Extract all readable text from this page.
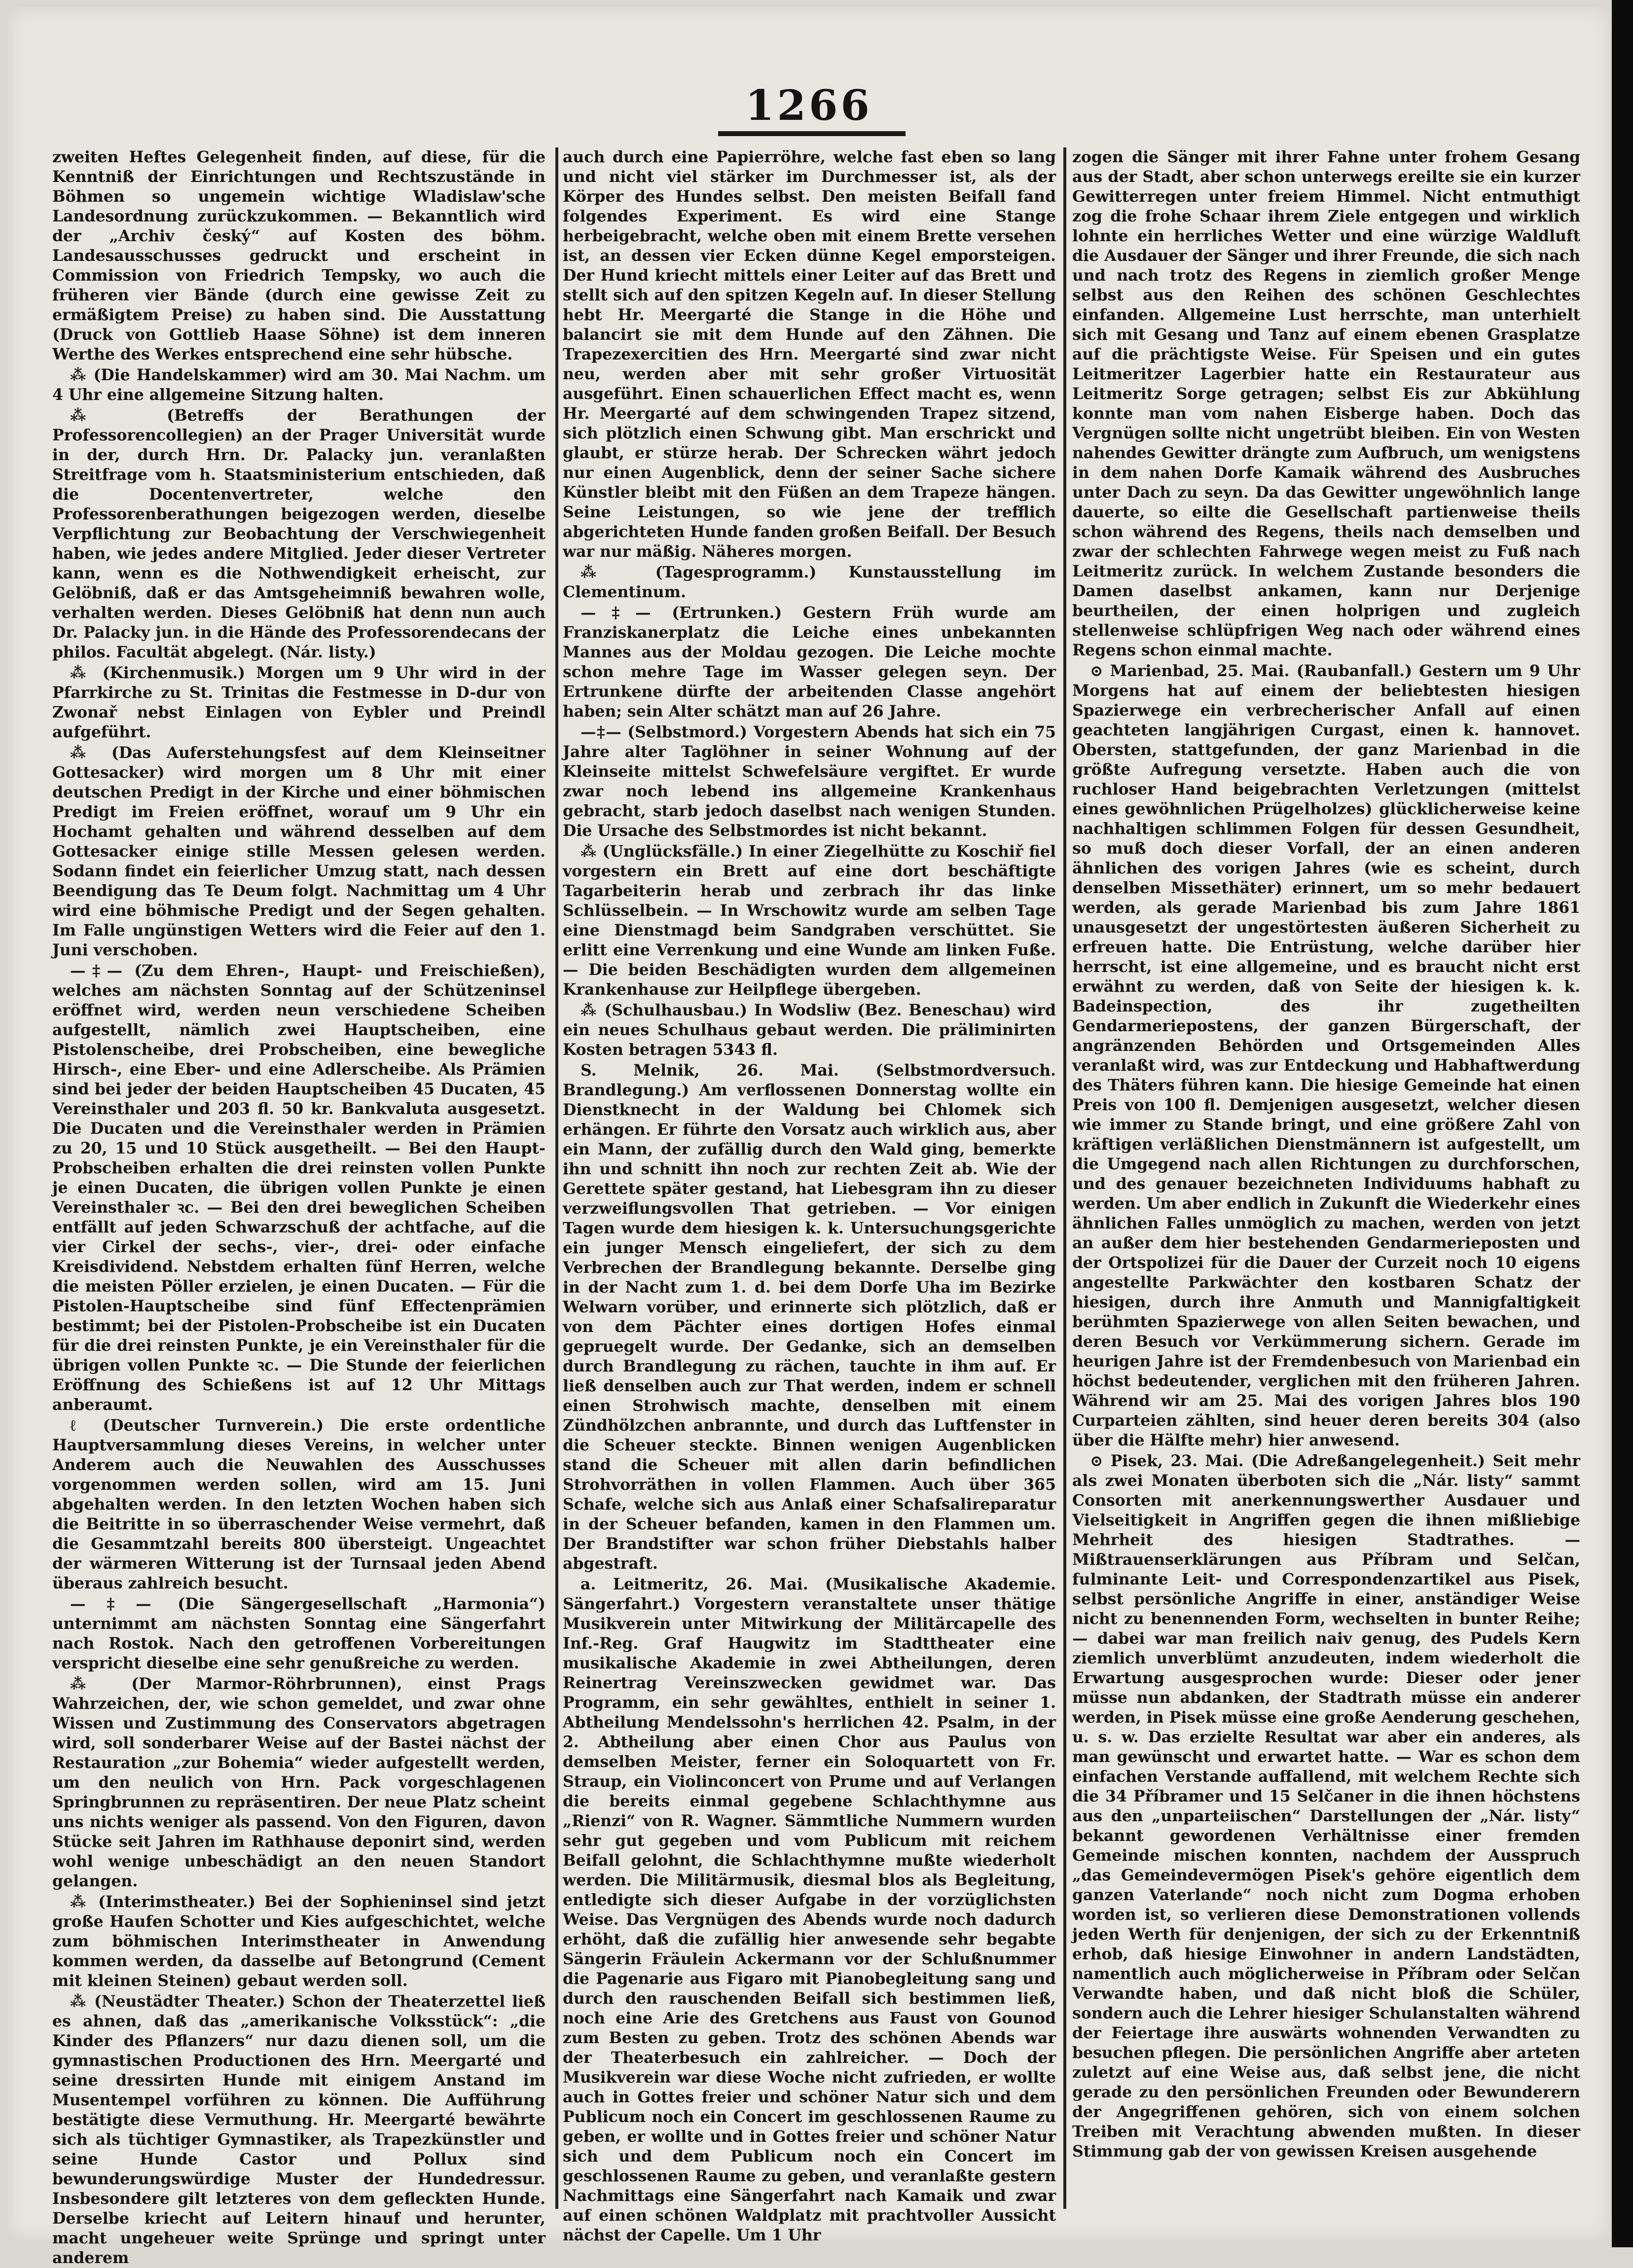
1266

zweiten Heftes Gelegenheit finden, auf diese, für die Kenntniß der Einrichtungen und Rechtszustände in Böhmen so ungemein wichtige Wladislaw'sche Landesordnung zurückzukommen. — Bekanntlich wird der „Archiv český“ auf Kosten des böhm. Landesausschusses gedruckt und erscheint in Commission von Friedrich Tempsky, wo auch die früheren vier Bände (durch eine gewisse Zeit zu ermäßigtem Preise) zu haben sind. Die Ausstattung (Druck von Gottlieb Haase Söhne) ist dem inneren Werthe des Werkes entsprechend eine sehr hübsche.

⁂ (Die Handelskammer) wird am 30. Mai Nachm. um 4 Uhr eine allgemeine Sitzung halten.

⁂ (Betreffs der Berathungen der Professorencollegien) an der Prager Universität wurde in der, durch Hrn. Dr. Palacky jun. veranlaßten Streitfrage vom h. Staatsministerium entschieden, daß die Docentenvertreter, welche den Professorenberathungen beigezogen werden, dieselbe Verpflichtung zur Beobachtung der Verschwiegenheit haben, wie jedes andere Mitglied. Jeder dieser Vertreter kann, wenn es die Nothwendigkeit erheischt, zur Gelöbniß, daß er das Amtsgeheimniß bewahren wolle, verhalten werden. Dieses Gelöbniß hat denn nun auch Dr. Palacky jun. in die Hände des Professorendecans der philos. Facultät abgelegt. (Nár. listy.)

⁂ (Kirchenmusik.) Morgen um 9 Uhr wird in der Pfarrkirche zu St. Trinitas die Festmesse in D-dur von Zwonař nebst Einlagen von Eybler und Preindl aufgeführt.

⁂ (Das Auferstehungsfest auf dem Kleinseitner Gottesacker) wird morgen um 8 Uhr mit einer deutschen Predigt in der Kirche und einer böhmischen Predigt im Freien eröffnet, worauf um 9 Uhr ein Hochamt gehalten und während desselben auf dem Gottesacker einige stille Messen gelesen werden. Sodann findet ein feierlicher Umzug statt, nach dessen Beendigung das Te Deum folgt. Nachmittag um 4 Uhr wird eine böhmische Predigt und der Segen gehalten. Im Falle ungünstigen Wetters wird die Feier auf den 1. Juni verschoben.

—‡— (Zu dem Ehren-, Haupt- und Freischießen), welches am nächsten Sonntag auf der Schützeninsel eröffnet wird, werden neun verschiedene Scheiben aufgestellt, nämlich zwei Hauptscheiben, eine Pistolenscheibe, drei Probscheiben, eine bewegliche Hirsch-, eine Eber- und eine Adlerscheibe. Als Prämien sind bei jeder der beiden Hauptscheiben 45 Ducaten, 45 Vereinsthaler und 203 fl. 50 kr. Bankvaluta ausgesetzt. Die Ducaten und die Vereinsthaler werden in Prämien zu 20, 15 und 10 Stück ausgetheilt. — Bei den Haupt-Probscheiben erhalten die drei reinsten vollen Punkte je einen Ducaten, die übrigen vollen Punkte je einen Vereinsthaler ꝛc. — Bei den drei beweglichen Scheiben entfällt auf jeden Schwarzschuß der achtfache, auf die vier Cirkel der sechs-, vier-, drei- oder einfache Kreisdividend. Nebstdem erhalten fünf Herren, welche die meisten Pöller erzielen, je einen Ducaten. — Für die Pistolen-Hauptscheibe sind fünf Effectenprämien bestimmt; bei der Pistolen-Probscheibe ist ein Ducaten für die drei reinsten Punkte, je ein Vereinsthaler für die übrigen vollen Punkte ꝛc. — Die Stunde der feierlichen Eröffnung des Schießens ist auf 12 Uhr Mittags anberaumt.

ℓ (Deutscher Turnverein.) Die erste ordentliche Hauptversammlung dieses Vereins, in welcher unter Anderem auch die Neuwahlen des Ausschusses vorgenommen werden sollen, wird am 15. Juni abgehalten werden. In den letzten Wochen haben sich die Beitritte in so überraschender Weise vermehrt, daß die Gesammtzahl bereits 800 übersteigt. Ungeachtet der wärmeren Witterung ist der Turnsaal jeden Abend überaus zahlreich besucht.

—‡— (Die Sängergesellschaft „Harmonia“) unternimmt am nächsten Sonntag eine Sängerfahrt nach Rostok. Nach den getroffenen Vorbereitungen verspricht dieselbe eine sehr genußreiche zu werden.

⁂ (Der Marmor-Röhrbrunnen), einst Prags Wahrzeichen, der, wie schon gemeldet, und zwar ohne Wissen und Zustimmung des Conservators abgetragen wird, soll sonderbarer Weise auf der Bastei nächst der Restauration „zur Bohemia“ wieder aufgestellt werden, um den neulich von Hrn. Pack vorgeschlagenen Springbrunnen zu repräsentiren. Der neue Platz scheint uns nichts weniger als passend. Von den Figuren, davon Stücke seit Jahren im Rathhause deponirt sind, werden wohl wenige unbeschädigt an den neuen Standort gelangen.

⁂ (Interimstheater.) Bei der Sophieninsel sind jetzt große Haufen Schotter und Kies aufgeschichtet, welche zum böhmischen Interimstheater in Anwendung kommen werden, da dasselbe auf Betongrund (Cement mit kleinen Steinen) gebaut werden soll.

⁂ (Neustädter Theater.) Schon der Theaterzettel ließ es ahnen, daß das „amerikanische Volksstück“: „die Kinder des Pflanzers“ nur dazu dienen soll, um die gymnastischen Productionen des Hrn. Meergarté und seine dressirten Hunde mit einigem Anstand im Musentempel vorführen zu können. Die Aufführung bestätigte diese Vermuthung. Hr. Meergarté bewährte sich als tüchtiger Gymnastiker, als Trapezkünstler und seine Hunde Castor und Pollux sind bewunderungswürdige Muster der Hundedressur. Insbesondere gilt letzteres von dem gefleckten Hunde. Derselbe kriecht auf Leitern hinauf und herunter, macht ungeheuer weite Sprünge und springt unter anderem

auch durch eine Papierröhre, welche fast eben so lang und nicht viel stärker im Durchmesser ist, als der Körper des Hundes selbst. Den meisten Beifall fand folgendes Experiment. Es wird eine Stange herbeigebracht, welche oben mit einem Brette versehen ist, an dessen vier Ecken dünne Kegel emporsteigen. Der Hund kriecht mittels einer Leiter auf das Brett und stellt sich auf den spitzen Kegeln auf. In dieser Stellung hebt Hr. Meergarté die Stange in die Höhe und balancirt sie mit dem Hunde auf den Zähnen. Die Trapezexercitien des Hrn. Meergarté sind zwar nicht neu, werden aber mit sehr großer Virtuosität ausgeführt. Einen schauerlichen Effect macht es, wenn Hr. Meergarté auf dem schwingenden Trapez sitzend, sich plötzlich einen Schwung gibt. Man erschrickt und glaubt, er stürze herab. Der Schrecken währt jedoch nur einen Augenblick, denn der seiner Sache sichere Künstler bleibt mit den Füßen an dem Trapeze hängen. Seine Leistungen, so wie jene der trefflich abgerichteten Hunde fanden großen Beifall. Der Besuch war nur mäßig. Näheres morgen.

⁂ (Tagesprogramm.) Kunstausstellung im Clementinum.

—‡— (Ertrunken.) Gestern Früh wurde am Franziskanerplatz die Leiche eines unbekannten Mannes aus der Moldau gezogen. Die Leiche mochte schon mehre Tage im Wasser gelegen seyn. Der Ertrunkene dürfte der arbeitenden Classe angehört haben; sein Alter schätzt man auf 26 Jahre.

—‡— (Selbstmord.) Vorgestern Abends hat sich ein 75 Jahre alter Taglöhner in seiner Wohnung auf der Kleinseite mittelst Schwefelsäure vergiftet. Er wurde zwar noch lebend ins allgemeine Krankenhaus gebracht, starb jedoch daselbst nach wenigen Stunden. Die Ursache des Selbstmordes ist nicht bekannt.

⁂ (Unglücksfälle.) In einer Ziegelhütte zu Koschiř fiel vorgestern ein Brett auf eine dort beschäftigte Tagarbeiterin herab und zerbrach ihr das linke Schlüsselbein. — In Wrschowitz wurde am selben Tage eine Dienstmagd beim Sandgraben verschüttet. Sie erlitt eine Verrenkung und eine Wunde am linken Fuße. — Die beiden Beschädigten wurden dem allgemeinen Krankenhause zur Heilpflege übergeben.

⁂ (Schulhausbau.) In Wodsliw (Bez. Beneschau) wird ein neues Schulhaus gebaut werden. Die präliminirten Kosten betragen 5343 fl.

S. Melnik, 26. Mai. (Selbstmordversuch. Brandlegung.) Am verflossenen Donnerstag wollte ein Dienstknecht in der Waldung bei Chlomek sich erhängen. Er führte den Vorsatz auch wirklich aus, aber ein Mann, der zufällig durch den Wald ging, bemerkte ihn und schnitt ihn noch zur rechten Zeit ab. Wie der Gerettete später gestand, hat Liebesgram ihn zu dieser verzweiflungsvollen That getrieben. — Vor einigen Tagen wurde dem hiesigen k. k. Untersuchungsgerichte ein junger Mensch eingeliefert, der sich zu dem Verbrechen der Brandlegung bekannte. Derselbe ging in der Nacht zum 1. d. bei dem Dorfe Uha im Bezirke Welwarn vorüber, und erinnerte sich plötzlich, daß er von dem Pächter eines dortigen Hofes einmal gepruegelt wurde. Der Gedanke, sich an demselben durch Brandlegung zu rächen, tauchte in ihm auf. Er ließ denselben auch zur That werden, indem er schnell einen Strohwisch machte, denselben mit einem Zündhölzchen anbrannte, und durch das Luftfenster in die Scheuer steckte. Binnen wenigen Augenblicken stand die Scheuer mit allen darin befindlichen Strohvorräthen in vollen Flammen. Auch über 365 Schafe, welche sich aus Anlaß einer Schafsalireparatur in der Scheuer befanden, kamen in den Flammen um. Der Brandstifter war schon früher Diebstahls halber abgestraft.

a. Leitmeritz, 26. Mai. (Musikalische Akademie. Sängerfahrt.) Vorgestern veranstaltete unser thätige Musikverein unter Mitwirkung der Militärcapelle des Inf.-Reg. Graf Haugwitz im Stadttheater eine musikalische Akademie in zwei Abtheilungen, deren Reinertrag Vereinszwecken gewidmet war. Das Programm, ein sehr gewähltes, enthielt in seiner 1. Abtheilung Mendelssohn's herrlichen 42. Psalm, in der 2. Abtheilung aber einen Chor aus Paulus von demselben Meister, ferner ein Soloquartett von Fr. Straup, ein Violinconcert von Prume und auf Verlangen die bereits einmal gegebene Schlachthymne aus „Rienzi“ von R. Wagner. Sämmtliche Nummern wurden sehr gut gegeben und vom Publicum mit reichem Beifall gelohnt, die Schlachthymne mußte wiederholt werden. Die Militärmusik, diesmal blos als Begleitung, entledigte sich dieser Aufgabe in der vorzüglichsten Weise. Das Vergnügen des Abends wurde noch dadurch erhöht, daß die zufällig hier anwesende sehr begabte Sängerin Fräulein Ackermann vor der Schlußnummer die Pagenarie aus Figaro mit Pianobegleitung sang und durch den rauschenden Beifall sich bestimmen ließ, noch eine Arie des Gretchens aus Faust von Gounod zum Besten zu geben. Trotz des schönen Abends war der Theaterbesuch ein zahlreicher. — Doch der Musikverein war diese Woche nicht zufrieden, er wollte auch in Gottes freier und schöner Natur sich und dem Publicum noch ein Concert im geschlossenen Raume zu geben, er wollte und in Gottes freier und schöner Natur sich und dem Publicum noch ein Concert im geschlossenen Raume zu geben, und veranlaßte gestern Nachmittags eine Sängerfahrt nach Kamaik und zwar auf einen schönen Waldplatz mit prachtvoller Aussicht nächst der Capelle. Um 1 Uhr

zogen die Sänger mit ihrer Fahne unter frohem Gesang aus der Stadt, aber schon unterwegs ereilte sie ein kurzer Gewitterregen unter freiem Himmel. Nicht entmuthigt zog die frohe Schaar ihrem Ziele entgegen und wirklich lohnte ein herrliches Wetter und eine würzige Waldluft die Ausdauer der Sänger und ihrer Freunde, die sich nach und nach trotz des Regens in ziemlich großer Menge selbst aus den Reihen des schönen Geschlechtes einfanden. Allgemeine Lust herrschte, man unterhielt sich mit Gesang und Tanz auf einem ebenen Grasplatze auf die prächtigste Weise. Für Speisen und ein gutes Leitmeritzer Lagerbier hatte ein Restaurateur aus Leitmeritz Sorge getragen; selbst Eis zur Abkühlung konnte man vom nahen Eisberge haben. Doch das Vergnügen sollte nicht ungetrübt bleiben. Ein von Westen nahendes Gewitter drängte zum Aufbruch, um wenigstens in dem nahen Dorfe Kamaik während des Ausbruches unter Dach zu seyn. Da das Gewitter ungewöhnlich lange dauerte, so eilte die Gesellschaft partienweise theils schon während des Regens, theils nach demselben und zwar der schlechten Fahrwege wegen meist zu Fuß nach Leitmeritz zurück. In welchem Zustande besonders die Damen daselbst ankamen, kann nur Derjenige beurtheilen, der einen holprigen und zugleich stellenweise schlüpfrigen Weg nach oder während eines Regens schon einmal machte.

⊙ Marienbad, 25. Mai. (Raubanfall.) Gestern um 9 Uhr Morgens hat auf einem der beliebtesten hiesigen Spazierwege ein verbrecherischer Anfall auf einen geachteten langjährigen Curgast, einen k. hannovet. Obersten, stattgefunden, der ganz Marienbad in die größte Aufregung versetzte. Haben auch die von ruchloser Hand beigebrachten Verletzungen (mittelst eines gewöhnlichen Prügelholzes) glücklicherweise keine nachhaltigen schlimmen Folgen für dessen Gesundheit, so muß doch dieser Vorfall, der an einen anderen ähnlichen des vorigen Jahres (wie es scheint, durch denselben Missethäter) erinnert, um so mehr bedauert werden, als gerade Marienbad bis zum Jahre 1861 unausgesetzt der ungestörtesten äußeren Sicherheit zu erfreuen hatte. Die Entrüstung, welche darüber hier herrscht, ist eine allgemeine, und es braucht nicht erst erwähnt zu werden, daß von Seite der hiesigen k. k. Badeinspection, des ihr zugetheilten Gendarmeriepostens, der ganzen Bürgerschaft, der angränzenden Behörden und Ortsgemeinden Alles veranlaßt wird, was zur Entdeckung und Habhaftwerdung des Thäters führen kann. Die hiesige Gemeinde hat einen Preis von 100 fl. Demjenigen ausgesetzt, welcher diesen wie immer zu Stande bringt, und eine größere Zahl von kräftigen verläßlichen Dienstmännern ist aufgestellt, um die Umgegend nach allen Richtungen zu durchforschen, und des genauer bezeichneten Individuums habhaft zu werden. Um aber endlich in Zukunft die Wiederkehr eines ähnlichen Falles unmöglich zu machen, werden von jetzt an außer dem hier bestehenden Gendarmerieposten und der Ortspolizei für die Dauer der Curzeit noch 10 eigens angestellte Parkwächter den kostbaren Schatz der hiesigen, durch ihre Anmuth und Mannigfaltigkeit berühmten Spazierwege von allen Seiten bewachen, und deren Besuch vor Verkümmerung sichern. Gerade im heurigen Jahre ist der Fremdenbesuch von Marienbad ein höchst bedeutender, verglichen mit den früheren Jahren. Während wir am 25. Mai des vorigen Jahres blos 190 Curparteien zählten, sind heuer deren bereits 304 (also über die Hälfte mehr) hier anwesend.

⊙ Pisek, 23. Mai. (Die Adreßangelegenheit.) Seit mehr als zwei Monaten überboten sich die „Nár. listy“ sammt Consorten mit anerkennungswerther Ausdauer und Vielseitigkeit in Angriffen gegen die ihnen mißliebige Mehrheit des hiesigen Stadtrathes. — Mißtrauenserklärungen aus Příbram und Selčan, fulminante Leit- und Correspondenzartikel aus Pisek, selbst persönliche Angriffe in einer, anständiger Weise nicht zu benennenden Form, wechselten in bunter Reihe; — dabei war man freilich naiv genug, des Pudels Kern ziemlich unverblümt anzudeuten, indem wiederholt die Erwartung ausgesprochen wurde: Dieser oder jener müsse nun abdanken, der Stadtrath müsse ein anderer werden, in Pisek müsse eine große Aenderung geschehen, u. s. w. Das erzielte Resultat war aber ein anderes, als man gewünscht und erwartet hatte. — War es schon dem einfachen Verstande auffallend, mit welchem Rechte sich die 34 Příbramer und 15 Selčaner in die ihnen höchstens aus den „unparteiischen“ Darstellungen der „Nár. listy“ bekannt gewordenen Verhältnisse einer fremden Gemeinde mischen konnten, nachdem der Ausspruch „das Gemeindevermögen Pisek's gehöre eigentlich dem ganzen Vaterlande“ noch nicht zum Dogma erhoben worden ist, so verlieren diese Demonstrationen vollends jeden Werth für denjenigen, der sich zu der Erkenntniß erhob, daß hiesige Einwohner in andern Landstädten, namentlich auch möglicherweise in Příbram oder Selčan Verwandte haben, und daß nicht bloß die Schüler, sondern auch die Lehrer hiesiger Schulanstalten während der Feiertage ihre auswärts wohnenden Verwandten zu besuchen pflegen. Die persönlichen Angriffe aber arteten zuletzt auf eine Weise aus, daß selbst jene, die nicht gerade zu den persönlichen Freunden oder Bewunderern der Angegriffenen gehören, sich von einem solchen Treiben mit Verachtung abwenden mußten. In dieser Stimmung gab der von gewissen Kreisen ausgehende
